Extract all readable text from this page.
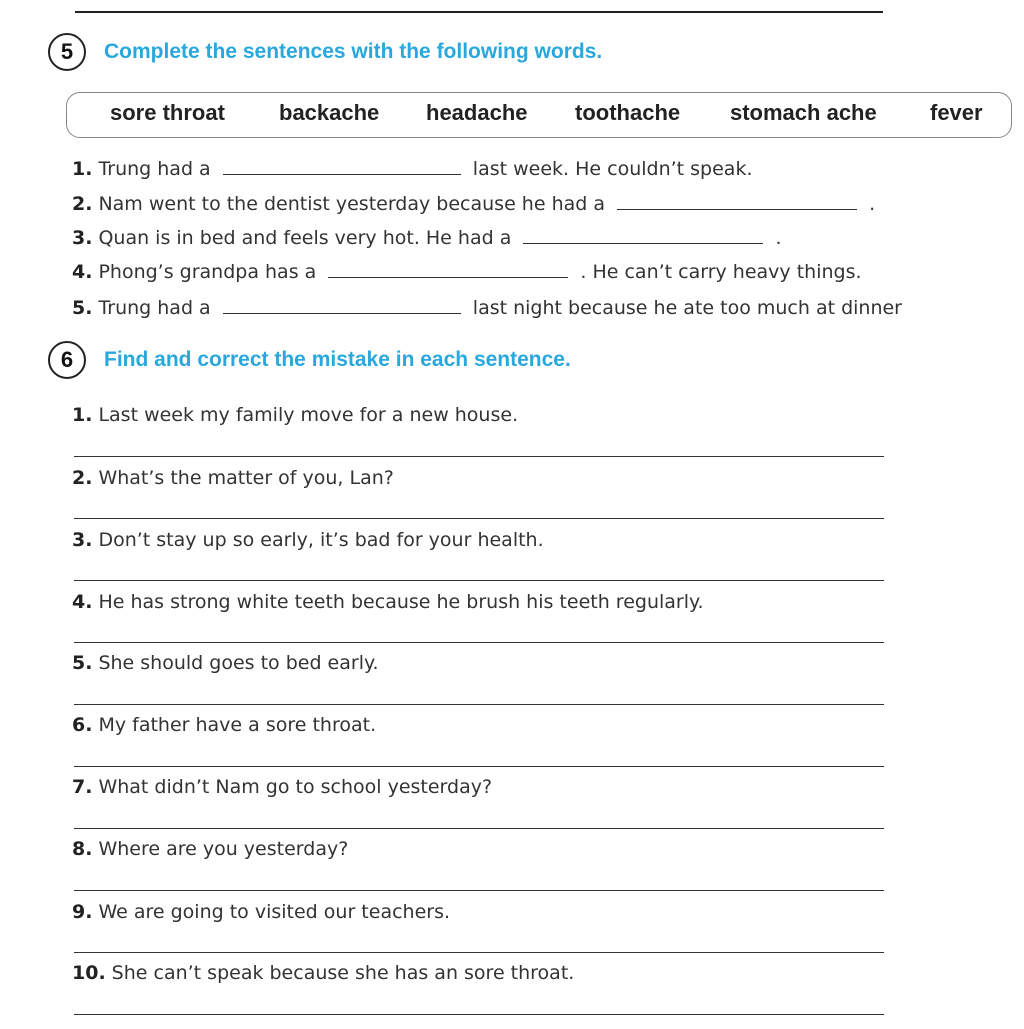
5	Complete the sentences with the following words.
sore throat backache headache toothache stomach ache fever
1. Trung had a	last week. He couldn’t speak.
2. Nam went to the dentist yesterday because he had a	.
3. Quan is in bed and feels very hot. He had a	.
4. Phong’s grandpa has a	. He can’t carry heavy things.
5. Trung had a	last night because he ate too much at dinner
6	Find and correct the mistake in each sentence.
1. Last week my family move for a new house.
2. What’s the matter of you, Lan?
3. Don’t stay up so early, it’s bad for your health.
4. He has strong white teeth because he brush his teeth regularly.
5. She should goes to bed early.
6. My father have a sore throat.
7. What didn’t Nam go to school yesterday?
8. Where are you yesterday?
9. We are going to visited our teachers.
10. She can’t speak because she has an sore throat.
